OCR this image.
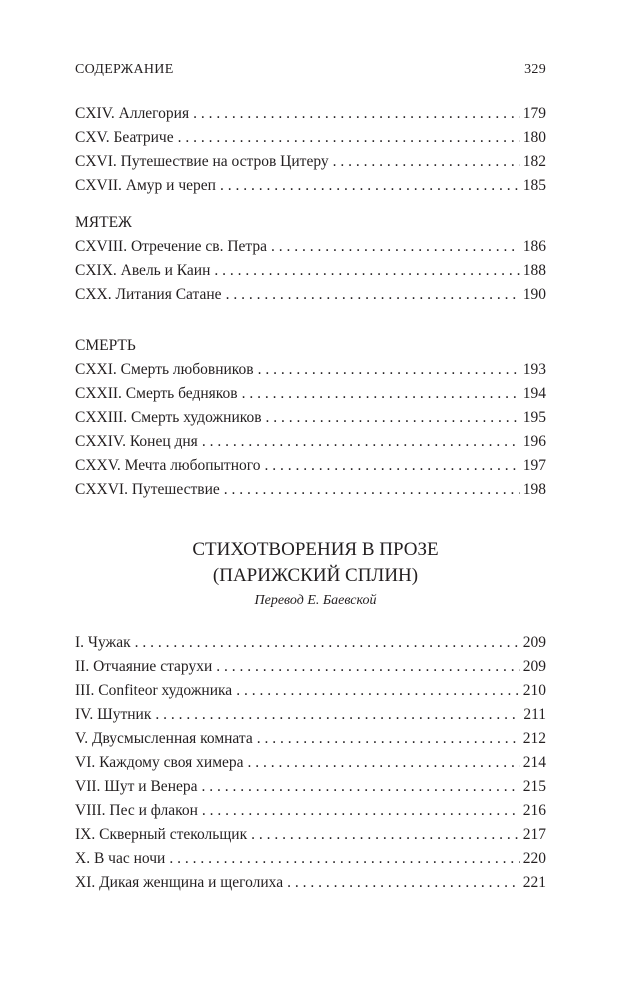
СОДЕРЖАНИЕ	329
CXIV. Аллегория . . .	179
CXV. Беатриче . . .	180
CXVI. Путешествие на остров Цитеру . . .	182
CXVII. Амур и череп . . .	185
МЯТЕЖ
CXVIII. Отречение св. Петра . . .	186
CXIX. Авель и Каин . . .	188
CXX. Литания Сатане . . .	190
СМЕРТЬ
CXXI. Смерть любовников . . .	193
CXXII. Смерть бедняков . . .	194
CXXIII. Смерть художников . . .	195
CXXIV. Конец дня . . .	196
CXXV. Мечта любопытного . . .	197
CXXVI. Путешествие . . .	198
СТИХОТВОРЕНИЯ В ПРОЗЕ
(ПАРИЖСКИЙ СПЛИН)
Перевод Е. Баевской
I. Чужак . . .	209
II. Отчаяние старухи . . .	209
III. Confiteor художника . . .	210
IV. Шутник . . .	211
V. Двусмысленная комната . . .	212
VI. Каждому своя химера . . .	214
VII. Шут и Венера . . .	215
VIII. Пес и флакон . . .	216
IX. Скверный стекольщик . . .	217
X. В час ночи . . .	220
XI. Дикая женщина и щеголиха . . .	221
